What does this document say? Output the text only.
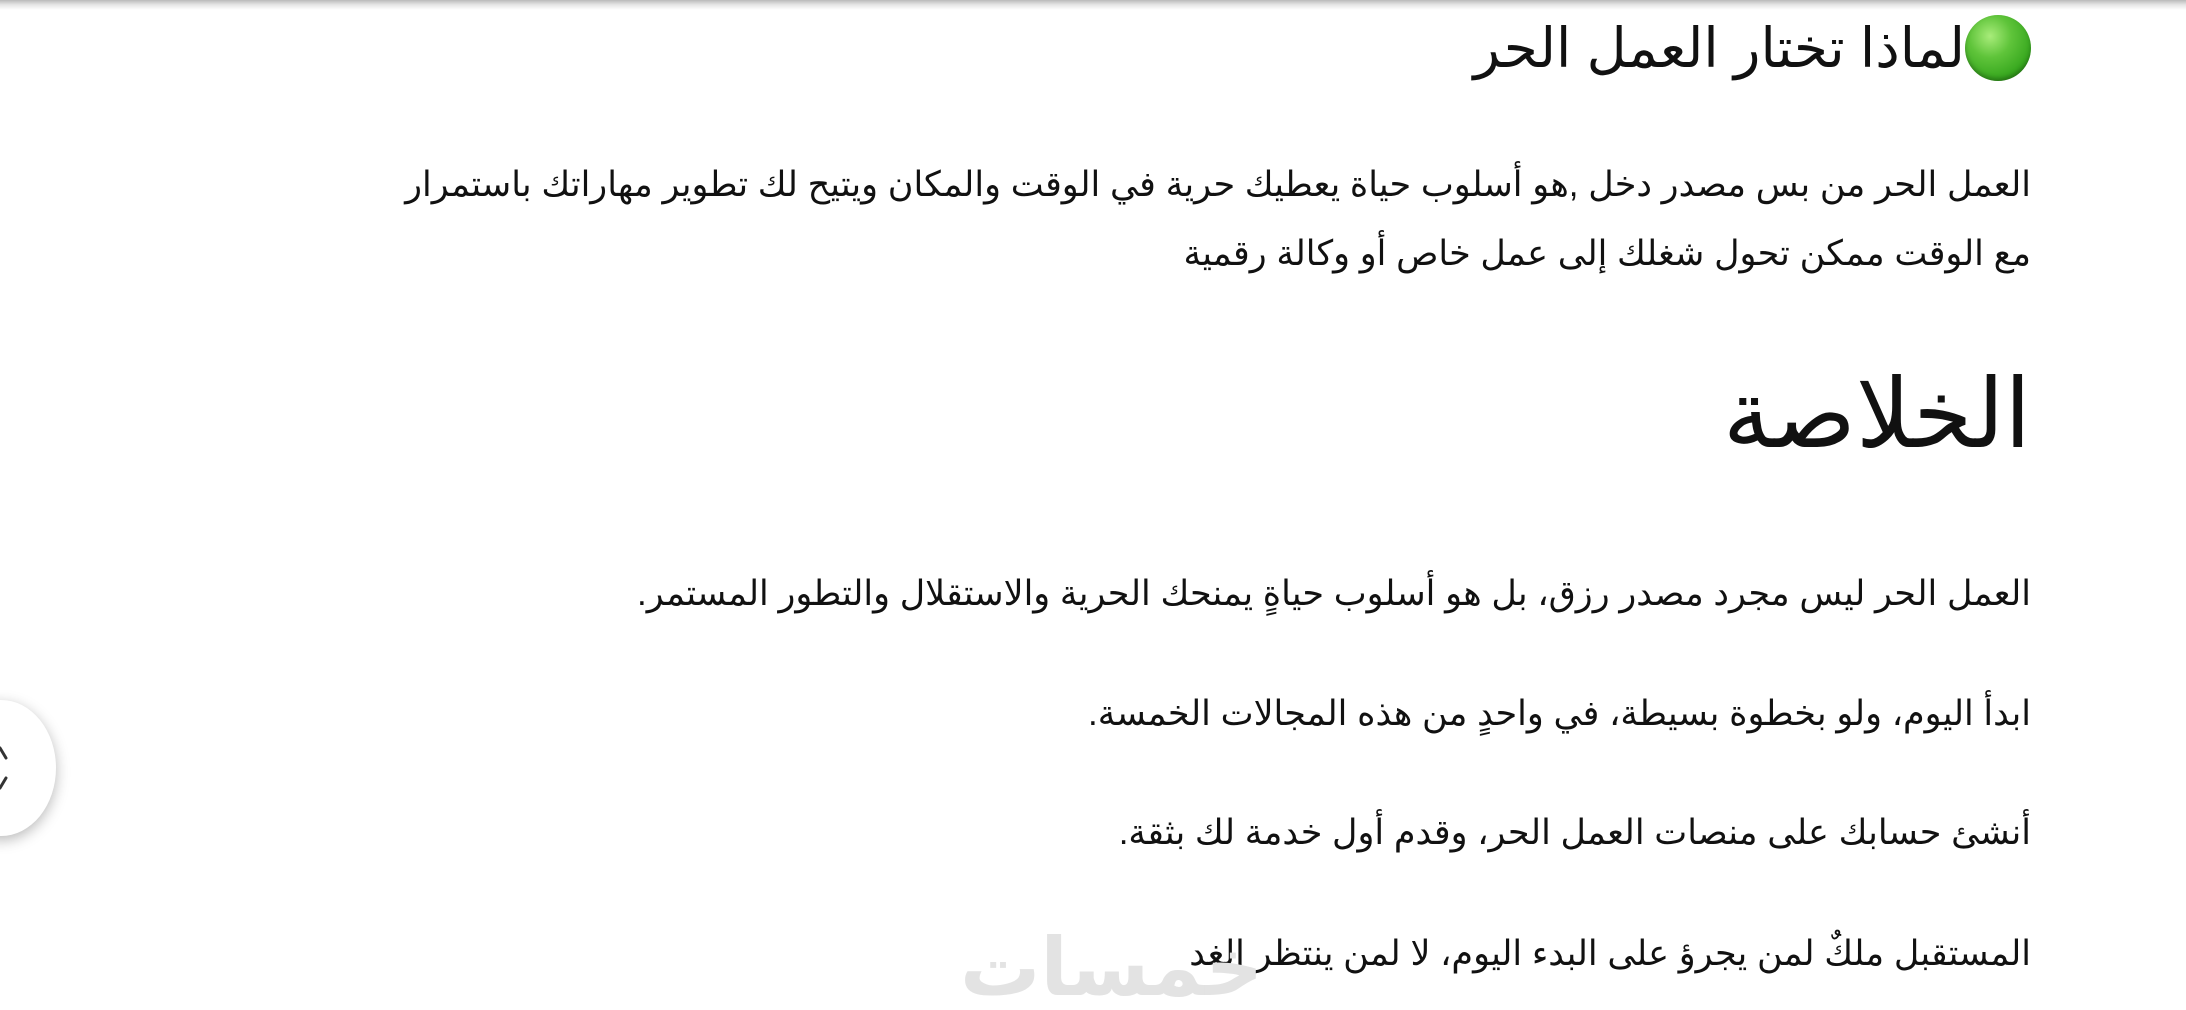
لماذا تختار العمل الحر

العمل الحر من بس مصدر دخل ,هو أسلوب حياة يعطيك حرية في الوقت والمكان ويتيح لك تطوير مهاراتك باستمرار

مع الوقت ممكن تحول شغلك إلى عمل خاص أو وكالة رقمية

الخلاصة

العمل الحر ليس مجرد مصدر رزق، بل هو أسلوب حياةٍ يمنحك الحرية والاستقلال والتطور المستمر.

ابدأ اليوم، ولو بخطوة بسيطة، في واحدٍ من هذه المجالات الخمسة.

أنشئ حسابك على منصات العمل الحر، وقدم أول خدمة لك بثقة.

المستقبل ملكٌ لمن يجرؤ على البدء اليوم، لا لمن ينتظر الغد

خمسات
